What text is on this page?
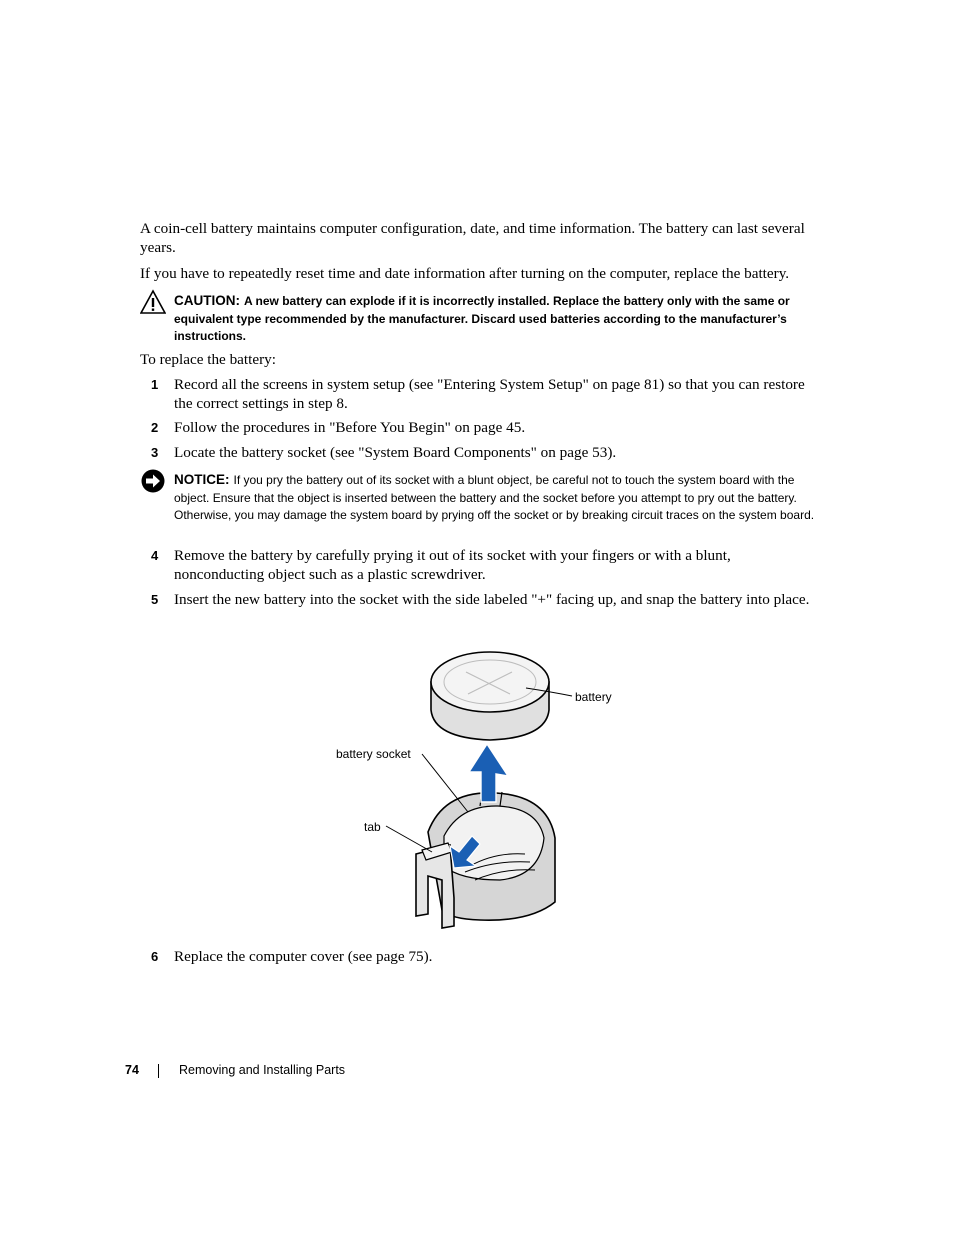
A coin-cell battery maintains computer configuration, date, and time information. The battery can last several years.
If you have to repeatedly reset time and date information after turning on the computer, replace the battery.
CAUTION: A new battery can explode if it is incorrectly installed. Replace the battery only with the same or equivalent type recommended by the manufacturer. Discard used batteries according to the manufacturer’s instructions.
To replace the battery:
1 Record all the screens in system setup (see "Entering System Setup" on page 81) so that you can restore the correct settings in step 8.
2 Follow the procedures in "Before You Begin" on page 45.
3 Locate the battery socket (see "System Board Components" on page 53).
NOTICE: If you pry the battery out of its socket with a blunt object, be careful not to touch the system board with the object. Ensure that the object is inserted between the battery and the socket before you attempt to pry out the battery. Otherwise, you may damage the system board by prying off the socket or by breaking circuit traces on the system board.
4 Remove the battery by carefully prying it out of its socket with your fingers or with a blunt, nonconducting object such as a plastic screwdriver.
5 Insert the new battery into the socket with the side labeled "+" facing up, and snap the battery into place.
battery
battery socket
tab
6 Replace the computer cover (see page 75).
74	Removing and Installing Parts
